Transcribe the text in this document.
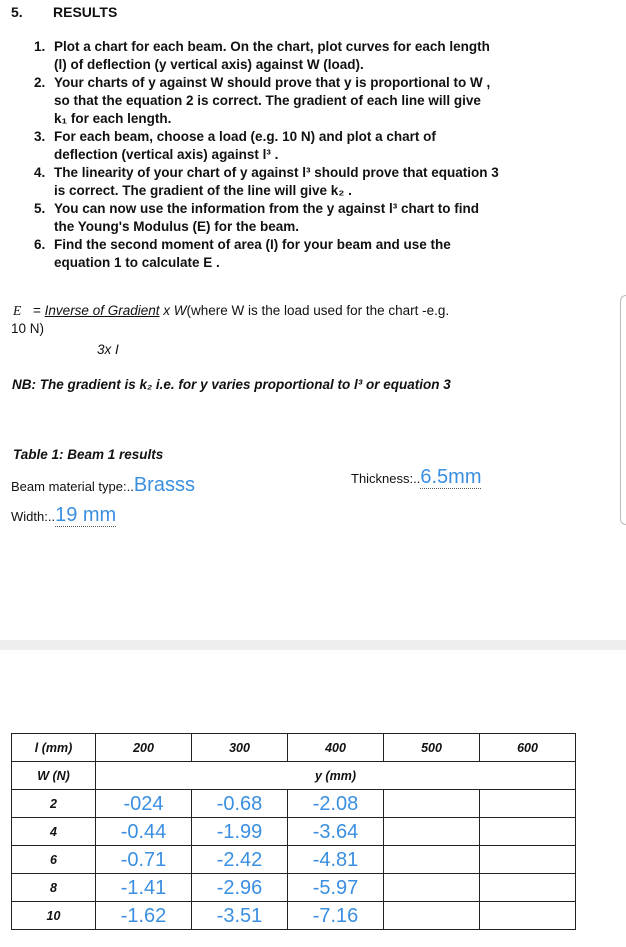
5. RESULTS
1. Plot a chart for each beam. On the chart, plot curves for each length
(l) of deflection (y vertical axis) against W (load).
2. Your charts of y against W should prove that y is proportional to W ,
so that the equation 2 is correct. The gradient of each line will give
k₁ for each length.
3. For each beam, choose a load (e.g. 10 N) and plot a chart of
deflection (vertical axis) against l³ .
4. The linearity of your chart of y against l³ should prove that equation 3
is correct. The gradient of the line will give k₂ .
5. You can now use the information from the y against l³ chart to find
the Young's Modulus (E) for the beam.
6. Find the second moment of area (I) for your beam and use the
equation 1 to calculate E .
E = Inverse of Gradient x W(where W is the load used for the chart -e.g.
10 N)
3x I
NB: The gradient is k₂ i.e. for y varies proportional to l³ or equation 3
Table 1: Beam 1 results
Beam material type:..Brasss	Thickness:..6.5mm
Width:..19 mm
l (mm)	200	300	400	500	600
W (N)	y (mm)				
2	-024	-0.68	-2.08		
4	-0.44	-1.99	-3.64		
6	-0.71	-2.42	-4.81		
8	-1.41	-2.96	-5.97		
10	-1.62	-3.51	-7.16		
